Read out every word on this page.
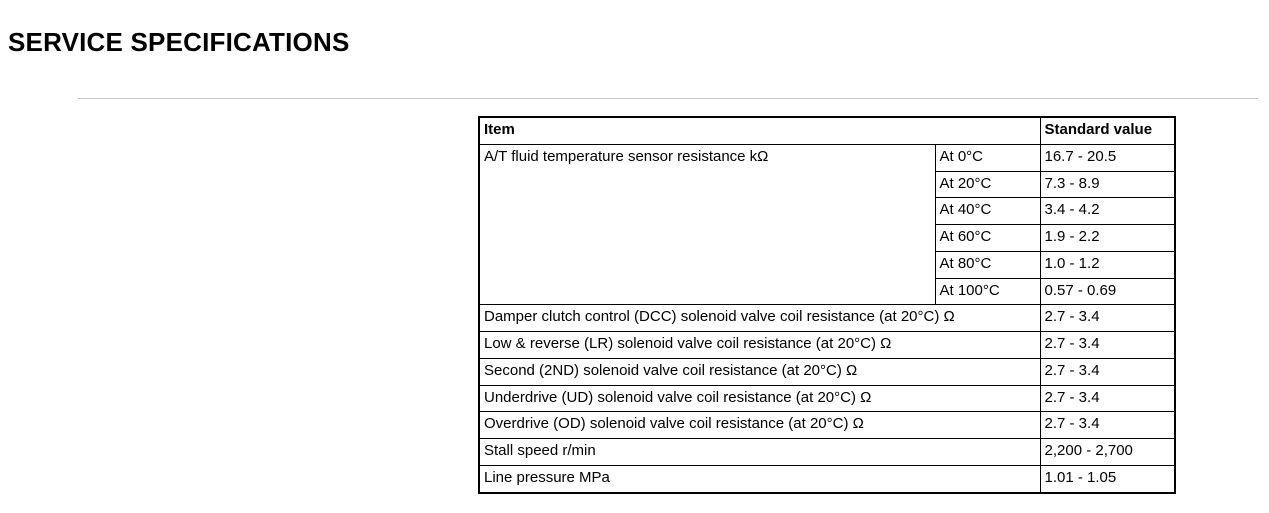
SERVICE SPECIFICATIONS
Item		Standard value
A/T fluid temperature sensor resistance kΩ	At 0°C	16.7 - 20.5
	At 20°C	7.3 - 8.9
	At 40°C	3.4 - 4.2
	At 60°C	1.9 - 2.2
	At 80°C	1.0 - 1.2
	At 100°C	0.57 - 0.69
Damper clutch control (DCC) solenoid valve coil resistance (at 20°C) Ω		2.7 - 3.4
Low & reverse (LR) solenoid valve coil resistance (at 20°C) Ω		2.7 - 3.4
Second (2ND) solenoid valve coil resistance (at 20°C) Ω		2.7 - 3.4
Underdrive (UD) solenoid valve coil resistance (at 20°C) Ω		2.7 - 3.4
Overdrive (OD) solenoid valve coil resistance (at 20°C) Ω		2.7 - 3.4
Stall speed r/min		2,200 - 2,700
Line pressure MPa		1.01 - 1.05
